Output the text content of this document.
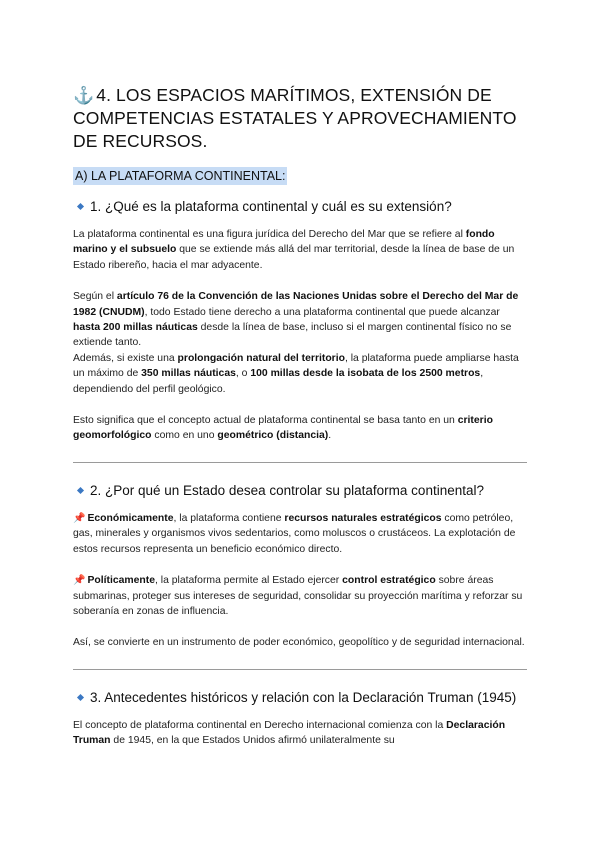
⚓ 4. LOS ESPACIOS MARÍTIMOS, EXTENSIÓN DE COMPETENCIAS ESTATALES Y APROVECHAMIENTO DE RECURSOS.
A) LA PLATAFORMA CONTINENTAL:
1. ¿Qué es la plataforma continental y cuál es su extensión?

La plataforma continental es una figura jurídica del Derecho del Mar que se refiere al fondo marino y el subsuelo que se extiende más allá del mar territorial, desde la línea de base de un Estado ribereño, hacia el mar adyacente.

Según el artículo 76 de la Convención de las Naciones Unidas sobre el Derecho del Mar de 1982 (CNUDM), todo Estado tiene derecho a una plataforma continental que puede alcanzar hasta 200 millas náuticas desde la línea de base, incluso si el margen continental físico no se extiende tanto.

Además, si existe una prolongación natural del territorio, la plataforma puede ampliarse hasta un máximo de 350 millas náuticas, o 100 millas desde la isobata de los 2500 metros, dependiendo del perfil geológico.

Esto significa que el concepto actual de plataforma continental se basa tanto en un criterio geomorfológico como en uno geométrico (distancia).

2. ¿Por qué un Estado desea controlar su plataforma continental?

📌 Económicamente, la plataforma contiene recursos naturales estratégicos como petróleo, gas, minerales y organismos vivos sedentarios, como moluscos o crustáceos. La explotación de estos recursos representa un beneficio económico directo.

📌 Políticamente, la plataforma permite al Estado ejercer control estratégico sobre áreas submarinas, proteger sus intereses de seguridad, consolidar su proyección marítima y reforzar su soberanía en zonas de influencia.

Así, se convierte en un instrumento de poder económico, geopolítico y de seguridad internacional.

3. Antecedentes históricos y relación con la Declaración Truman (1945)

El concepto de plataforma continental en Derecho internacional comienza con la Declaración Truman de 1945, en la que Estados Unidos afirmó unilateralmente su
